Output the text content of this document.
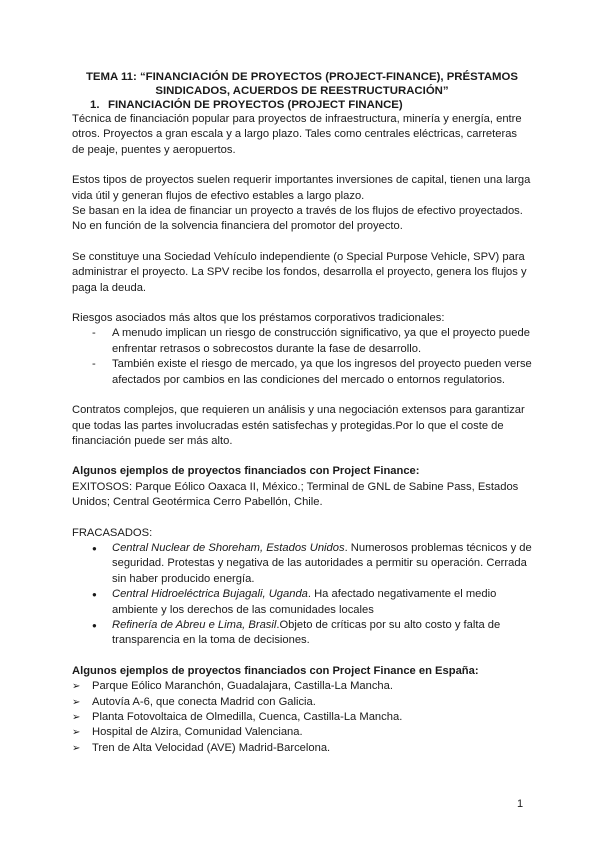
TEMA 11: “FINANCIACIÓN DE PROYECTOS (PROJECT-FINANCE), PRÉSTAMOS SINDICADOS, ACUERDOS DE REESTRUCTURACIÓN”

1. FINANCIACIÓN DE PROYECTOS (PROJECT FINANCE)

Técnica de financiación popular para proyectos de infraestructura, minería y energía, entre otros. Proyectos a gran escala y a largo plazo. Tales como centrales eléctricas, carreteras de peaje, puentes y aeropuertos.

Estos tipos de proyectos suelen requerir importantes inversiones de capital, tienen una larga vida útil y generan flujos de efectivo estables a largo plazo.

Se basan en la idea de financiar un proyecto a través de los flujos de efectivo proyectados.

No en función de la solvencia financiera del promotor del proyecto.

Se constituye una Sociedad Vehículo independiente (o Special Purpose Vehicle, SPV) para administrar el proyecto. La SPV recibe los fondos, desarrolla el proyecto, genera los flujos y paga la deuda.

Riesgos asociados más altos que los préstamos corporativos tradicionales:

- A menudo implican un riesgo de construcción significativo, ya que el proyecto puede enfrentar retrasos o sobrecostos durante la fase de desarrollo.
- También existe el riesgo de mercado, ya que los ingresos del proyecto pueden verse afectados por cambios en las condiciones del mercado o entornos regulatorios.

Contratos complejos, que requieren un análisis y una negociación extensos para garantizar que todas las partes involucradas estén satisfechas y protegidas.Por lo que el coste de financiación puede ser más alto.

Algunos ejemplos de proyectos financiados con Project Finance:

EXITOSOS: Parque Eólico Oaxaca II, México.; Terminal de GNL de Sabine Pass, Estados Unidos; Central Geotérmica Cerro Pabellón, Chile.

FRACASADOS:

● Central Nuclear de Shoreham, Estados Unidos. Numerosos problemas técnicos y de seguridad. Protestas y negativa de las autoridades a permitir su operación. Cerrada sin haber producido energía.
● Central Hidroeléctrica Bujagali, Uganda. Ha afectado negativamente el medio ambiente y los derechos de las comunidades locales
● Refinería de Abreu e Lima, Brasil.Objeto de críticas por su alto costo y falta de transparencia en la toma de decisiones.

Algunos ejemplos de proyectos financiados con Project Finance en España:

➢ Parque Eólico Maranchón, Guadalajara, Castilla-La Mancha.
➢ Autovía A-6, que conecta Madrid con Galicia.
➢ Planta Fotovoltaica de Olmedilla, Cuenca, Castilla-La Mancha.
➢ Hospital de Alzira, Comunidad Valenciana.
➢ Tren de Alta Velocidad (AVE) Madrid-Barcelona.
1
